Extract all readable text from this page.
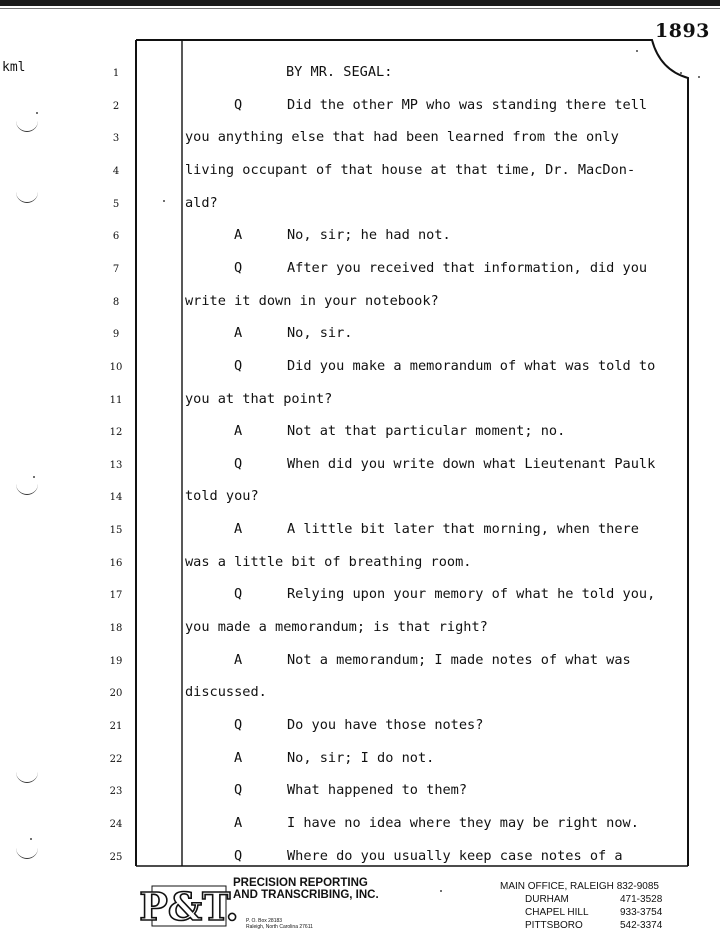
1893
kml	1	BY MR. SEGAL:
2	Q	Did the other MP who was standing there tell
3	you anything else that had been learned from the only
4	living occupant of that house at that time, Dr. MacDon-
5	ald?
6	A	No, sir; he had not.
7	Q	After you received that information, did you
8	write it down in your notebook?
9	A	No, sir.
10	Q	Did you make a memorandum of what was told to
11	you at that point?
12	A	Not at that particular moment; no.
13	Q	When did you write down what Lieutenant Paulk
14	told you?
15	A	A little bit later that morning, when there
16	was a little bit of breathing room.
17	Q	Relying upon your memory of what he told you,
18	you made a memorandum; is that right?
19	A	Not a memorandum; I made notes of what was
20	discussed.
21	Q	Do you have those notes?
22	A	No, sir; I do not.
23	Q	What happened to them?
24	A	I have no idea where they may be right now.
25	Q	Where do you usually keep case notes of a
P&T.
PRECISION REPORTING
AND TRANSCRIBING, INC.
P. O. Box 28183
Raleigh, North Carolina 27611
MAIN OFFICE, RALEIGH 832-9085
DURHAM	471-3528
CHAPEL HILL	933-3754
PITTSBORO	542-3374
